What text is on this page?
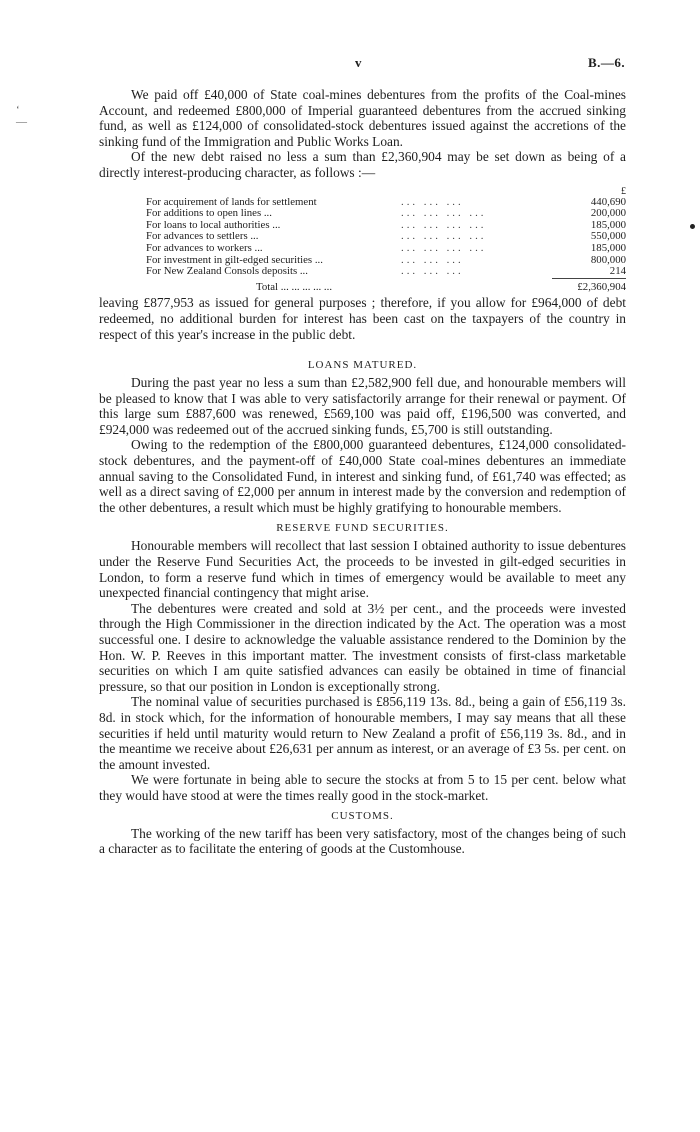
‘
—
v	B.—6.

We paid off £40,000 of State coal-mines debentures from the profits of the Coal-mines Account, and redeemed £800,000 of Imperial guaranteed debentures from the accrued sinking fund, as well as £124,000 of consolidated-stock debentures issued against the accretions of the sinking fund of the Immigration and Public Works Loan.

Of the new debt raised no less a sum than £2,360,904 may be set down as being of a directly interest-producing character, as follows :—

£
For acquirement of lands for settlement	... ... ...	440,690
For additions to open lines ...	... ... ... ...	200,000
For loans to local authorities ...	... ... ... ...	185,000
For advances to settlers ...	... ... ... ...	550,000
For advances to workers ...	... ... ... ...	185,000
For investment in gilt-edged securities ...	... ... ...	800,000
For New Zealand Consols deposits ...	... ... ...	214
Total ... ... ... ... ...	£2,360,904

leaving £877,953 as issued for general purposes ; therefore, if you allow for £964,000 of debt redeemed, no additional burden for interest has been cast on the taxpayers of the country in respect of this year's increase in the public debt.

LOANS MATURED.

During the past year no less a sum than £2,582,900 fell due, and honourable members will be pleased to know that I was able to very satisfactorily arrange for their renewal or payment. Of this large sum £887,600 was renewed, £569,100 was paid off, £196,500 was converted, and £924,000 was redeemed out of the accrued sinking funds, £5,700 is still outstanding.

Owing to the redemption of the £800,000 guaranteed debentures, £124,000 consolidated-stock debentures, and the payment-off of £40,000 State coal-mines debentures an immediate annual saving to the Consolidated Fund, in interest and sinking fund, of £61,740 was effected; as well as a direct saving of £2,000 per annum in interest made by the conversion and redemption of the other debentures, a result which must be highly gratifying to honourable members.

RESERVE FUND SECURITIES.

Honourable members will recollect that last session I obtained authority to issue debentures under the Reserve Fund Securities Act, the proceeds to be invested in gilt-edged securities in London, to form a reserve fund which in times of emergency would be available to meet any unexpected financial contingency that might arise.

The debentures were created and sold at 3½ per cent., and the proceeds were invested through the High Commissioner in the direction indicated by the Act. The operation was a most successful one. I desire to acknowledge the valuable assistance rendered to the Dominion by the Hon. W. P. Reeves in this important matter. The investment consists of first-class marketable securities on which I am quite satisfied advances can easily be obtained in time of financial pressure, so that our position in London is exceptionally strong.

The nominal value of securities purchased is £856,119 13s. 8d., being a gain of £56,119 3s. 8d. in stock which, for the information of honourable members, I may say means that all these securities if held until maturity would return to New Zealand a profit of £56,119 3s. 8d., and in the meantime we receive about £26,631 per annum as interest, or an average of £3 5s. per cent. on the amount invested.

We were fortunate in being able to secure the stocks at from 5 to 15 per cent. below what they would have stood at were the times really good in the stock-market.

CUSTOMS.

The working of the new tariff has been very satisfactory, most of the changes being of such a character as to facilitate the entering of goods at the Customhouse.
